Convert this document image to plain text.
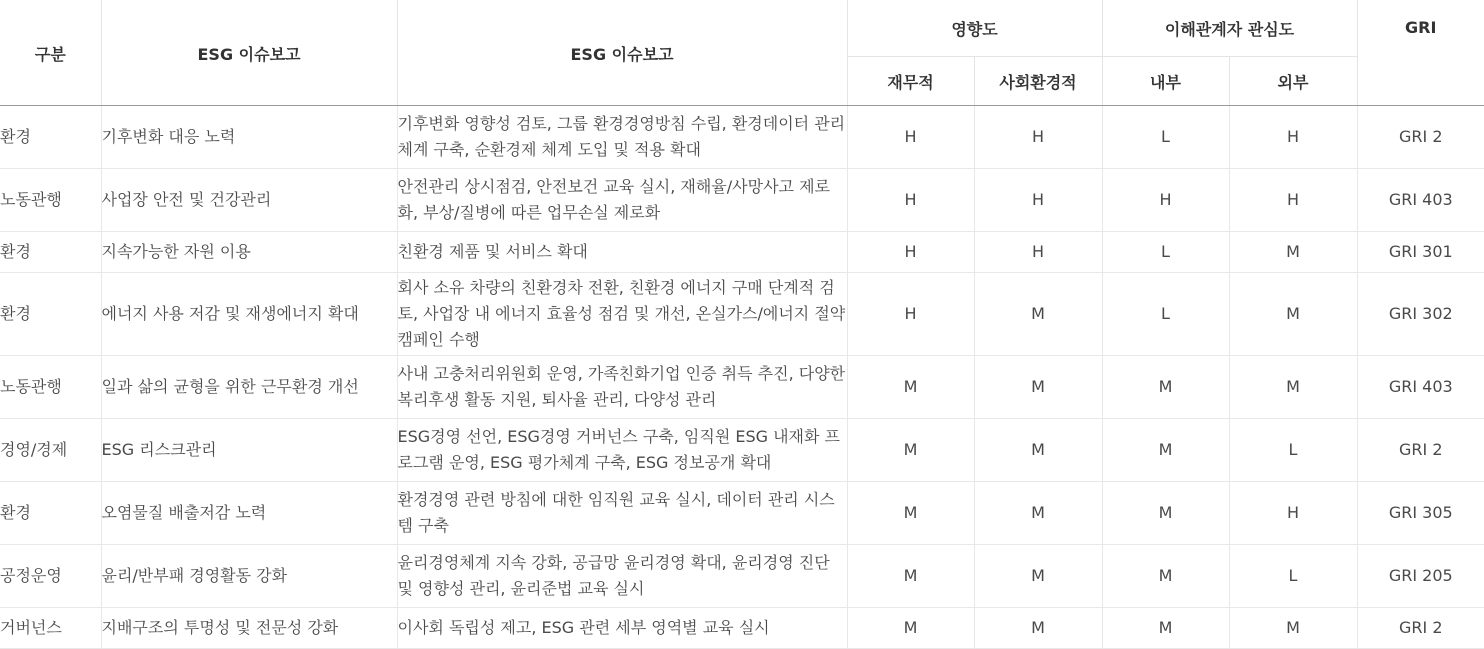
구분	ESG 이슈보고	ESG 이슈보고	영향도		이해관계자 관심도		GRI
			재무적	사회환경적	내부	외부	
환경	기후변화 대응 노력	기후변화 영향성 검토, 그룹 환경경영방침 수립, 환경데이터 관리체계 구축, 순환경제 체계 도입 및 적용 확대	H	H	L	H	GRI 2
노동관행	사업장 안전 및 건강관리	안전관리 상시점검, 안전보건 교육 실시, 재해율/사망사고 제로화, 부상/질병에 따른 업무손실 제로화	H	H	H	H	GRI 403
환경	지속가능한 자원 이용	친환경 제품 및 서비스 확대	H	H	L	M	GRI 301
환경	에너지 사용 저감 및 재생에너지 확대	회사 소유 차량의 친환경차 전환, 친환경 에너지 구매 단계적 검토, 사업장 내 에너지 효율성 점검 및 개선, 온실가스/에너지 절약 캠페인 수행	H	M	L	M	GRI 302
노동관행	일과 삶의 균형을 위한 근무환경 개선	사내 고충처리위원회 운영, 가족친화기업 인증 취득 추진, 다양한 복리후생 활동 지원, 퇴사율 관리, 다양성 관리	M	M	M	M	GRI 403
경영/경제	ESG 리스크관리	ESG경영 선언, ESG경영 거버넌스 구축, 임직원 ESG 내재화 프로그램 운영, ESG 평가체계 구축, ESG 정보공개 확대	M	M	M	L	GRI 2
환경	오염물질 배출저감 노력	환경경영 관련 방침에 대한 임직원 교육 실시, 데이터 관리 시스템 구축	M	M	M	H	GRI 305
공정운영	윤리/반부패 경영활동 강화	윤리경영체계 지속 강화, 공급망 윤리경영 확대, 윤리경영 진단 및 영향성 관리, 윤리준법 교육 실시	M	M	M	L	GRI 205
거버넌스	지배구조의 투명성 및 전문성 강화	이사회 독립성 제고, ESG 관련 세부 영역별 교육 실시	M	M	M	M	GRI 2
